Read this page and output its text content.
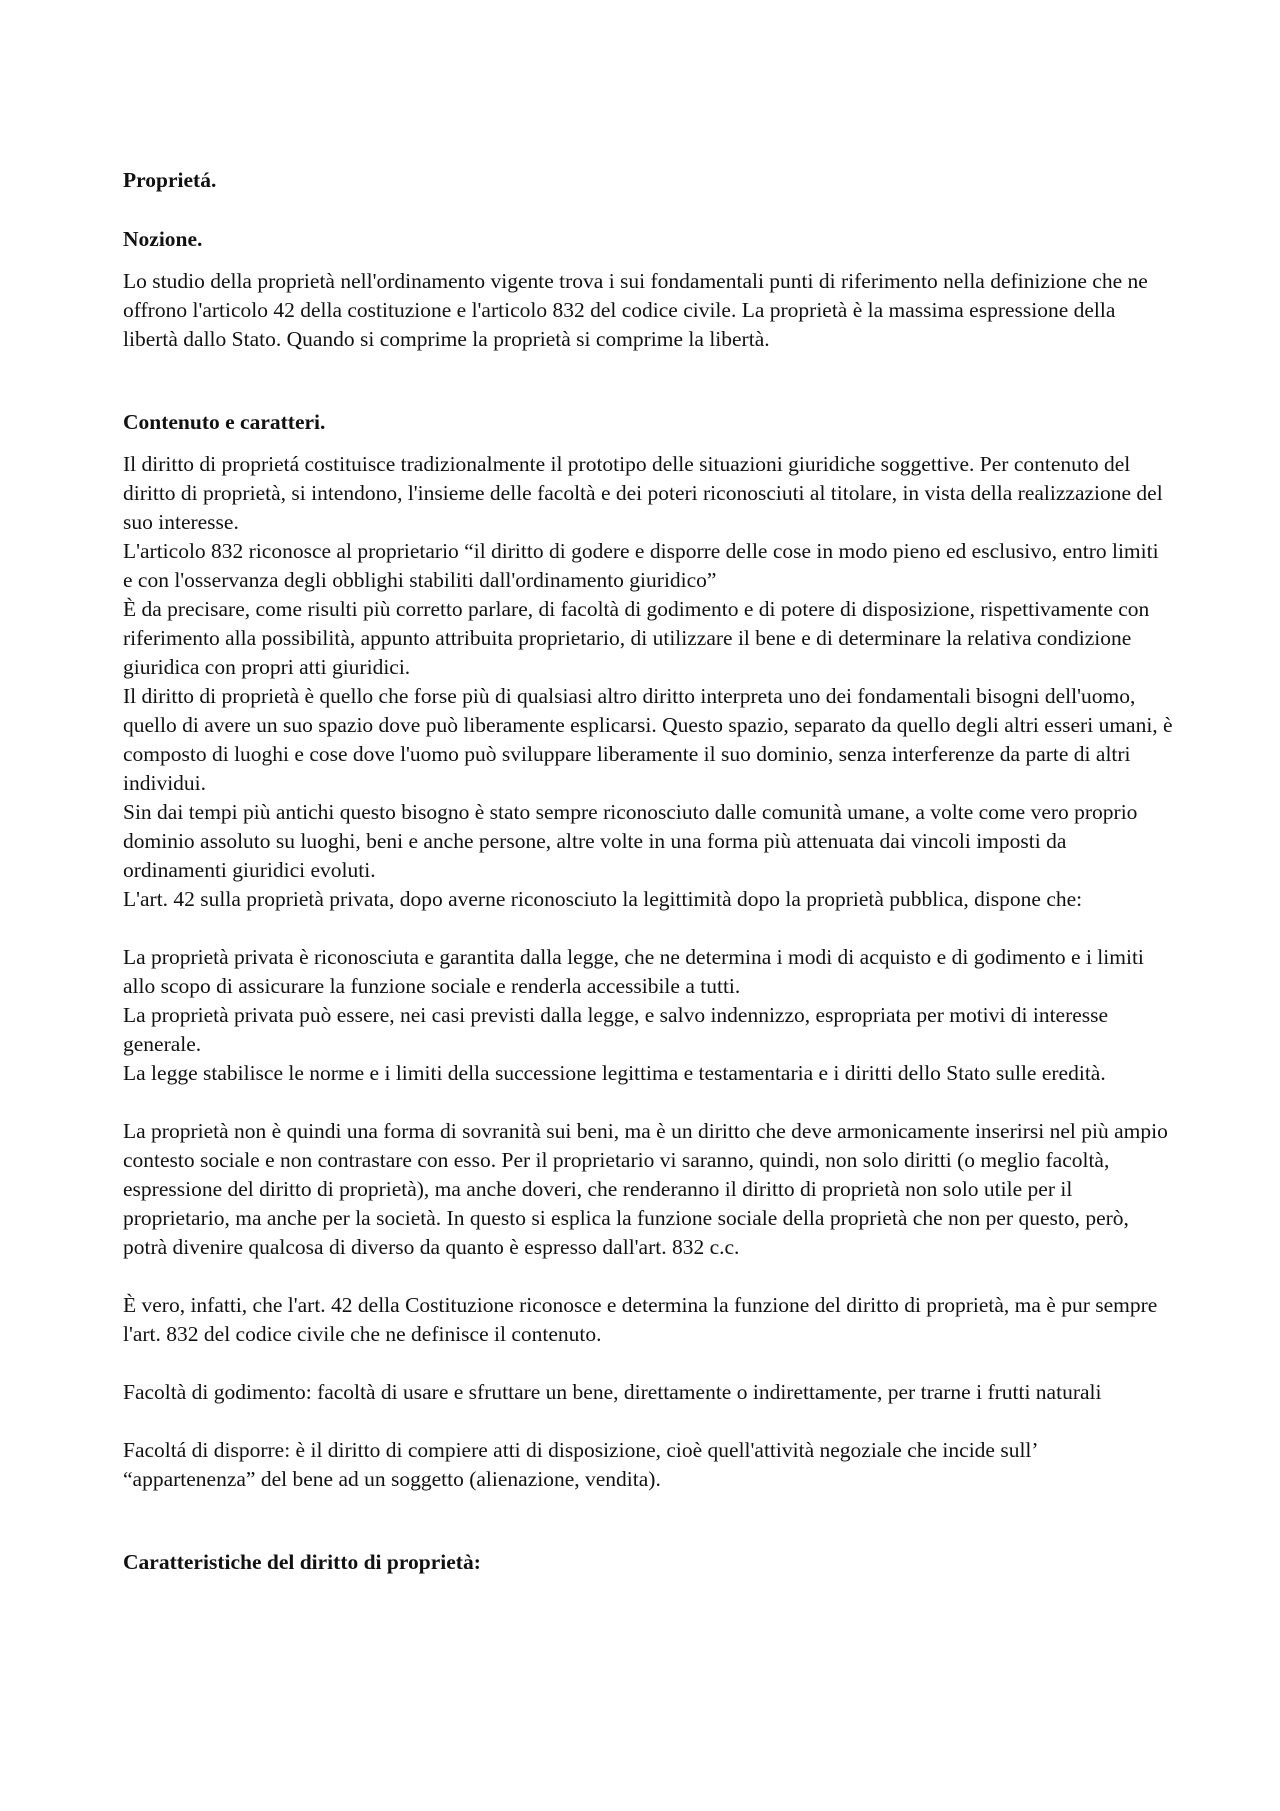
Proprietá.
Nozione.
Lo studio della proprietà nell'ordinamento vigente trova i sui fondamentali punti di riferimento nella definizione che ne offrono l'articolo 42 della costituzione e l'articolo 832 del codice civile. La proprietà è la massima espressione della libertà dallo Stato. Quando si comprime la proprietà si comprime la libertà.
Contenuto e caratteri.
Il diritto di proprietá costituisce tradizionalmente il prototipo delle situazioni giuridiche soggettive. Per contenuto del diritto di proprietà, si intendono, l'insieme delle facoltà e dei poteri riconosciuti al titolare, in vista della realizzazione del suo interesse.
L'articolo 832 riconosce al proprietario “il diritto di godere e disporre delle cose in modo pieno ed esclusivo, entro limiti e con l'osservanza degli obblighi stabiliti dall'ordinamento giuridico”
È da precisare, come risulti più corretto parlare, di facoltà di godimento e di potere di disposizione, rispettivamente con riferimento alla possibilità, appunto attribuita proprietario, di utilizzare il bene e di determinare la relativa condizione giuridica con propri atti giuridici.
Il diritto di proprietà è quello che forse più di qualsiasi altro diritto interpreta uno dei fondamentali bisogni dell'uomo, quello di avere un suo spazio dove può liberamente esplicarsi. Questo spazio, separato da quello degli altri esseri umani, è composto di luoghi e cose dove l'uomo può sviluppare liberamente il suo dominio, senza interferenze da parte di altri individui.
Sin dai tempi più antichi questo bisogno è stato sempre riconosciuto dalle comunità umane, a volte come vero proprio dominio assoluto su luoghi, beni e anche persone, altre volte in una forma più attenuata dai vincoli imposti da ordinamenti giuridici evoluti.
L'art. 42 sulla proprietà privata, dopo averne riconosciuto la legittimità dopo la proprietà pubblica, dispone che:
La proprietà privata è riconosciuta e garantita dalla legge, che ne determina i modi di acquisto e di godimento e i limiti allo scopo di assicurare la funzione sociale e renderla accessibile a tutti.
La proprietà privata può essere, nei casi previsti dalla legge, e salvo indennizzo, espropriata per motivi di interesse generale.
La legge stabilisce le norme e i limiti della successione legittima e testamentaria e i diritti dello Stato sulle eredità.
La proprietà non è quindi una forma di sovranità sui beni, ma è un diritto che deve armonicamente inserirsi nel più ampio contesto sociale e non contrastare con esso. Per il proprietario vi saranno, quindi, non solo diritti (o meglio facoltà, espressione del diritto di proprietà), ma anche doveri, che renderanno il diritto di proprietà non solo utile per il proprietario, ma anche per la società. In questo si esplica la funzione sociale della proprietà che non per questo, però, potrà divenire qualcosa di diverso da quanto è espresso dall'art. 832 c.c.
È vero, infatti, che l'art. 42 della Costituzione riconosce e determina la funzione del diritto di proprietà, ma è pur sempre l'art. 832 del codice civile che ne definisce il contenuto.
Facoltà di godimento: facoltà di usare e sfruttare un bene, direttamente o indirettamente, per trarne i frutti naturali
Facoltá di disporre: è il diritto di compiere atti di disposizione, cioè quell'attività negoziale che incide sull’ “appartenenza” del bene ad un soggetto (alienazione, vendita).
Caratteristiche del diritto di proprietà:
